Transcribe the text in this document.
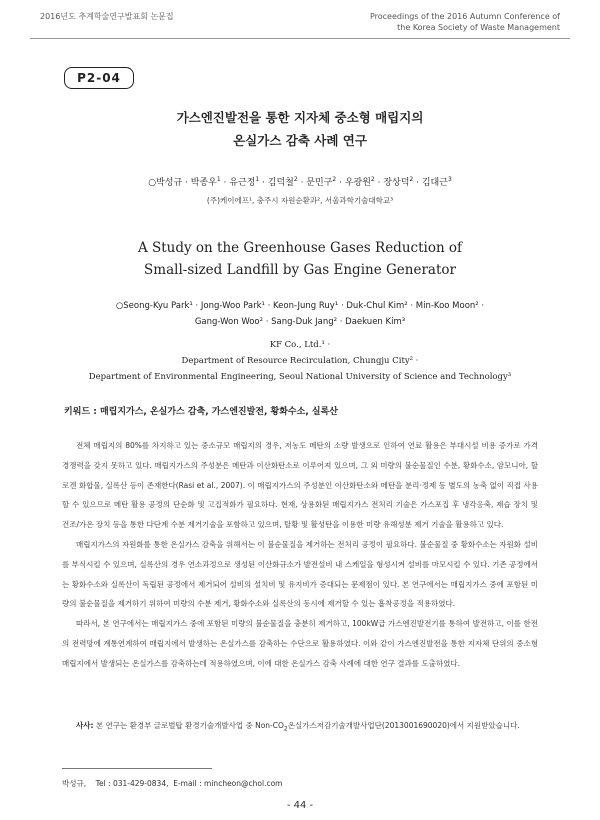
2016년도 추계학술연구발표회 논문집	Proceedings of the 2016 Autumn Conference of
the Korea Society of Waste Management
P2-04
가스엔진발전을 통한 지자체 중소형 매립지의
온실가스 감축 사례 연구
○박성규 · 박종우$^1$ · 유근정$^1$ · 김덕철$^2$ · 문민구$^2$ · 우광원$^2$ · 장상덕$^2$ · 김대근$^3$
(주)케이에프¹, 충주시 자원순환과², 서울과학기술대학교³
A Study on the Greenhouse Gases Reduction of
Small-sized Landfill by Gas Engine Generator
○Seong-Kyu Park¹ · Jong-Woo Park¹ · Keon-Jung Ruy¹ · Duk-Chul Kim² · Min-Koo Moon² ·
Gang-Won Woo² · Sang-Duk Jang² · Daekuen Kim³
KF Co., Ltd.¹ ·
Department of Resource Recirculation, Chungju City² ·
Department of Environmental Engineering, Seoul National University of Science and Technology³
키워드 : 매립지가스, 온실가스 감축, 가스엔진발전, 황화수소, 실록산

전체 매립지의 80%를 차지하고 있는 중소규모 매립지의 경우, 저농도 메탄의 소량 발생으로 인하여 연료 활용은 부대시설 비용 증가로 가격 경쟁력을 갖지 못하고 있다. 매립지가스의 주성분은 메탄과 이산화탄소로 이루어져 있으며, 그 외 미량의 불순물질인 수분, 황화수소, 암모니아, 할로겐 화합물, 실록산 등이 존재한다(Rasi et al., 2007). 이 매립지가스의 주성분인 이산화탄소와 메탄을 분리·정제 등 별도의 농축 없이 직접 사용할 수 있으므로 메탄 활용 공정의 단순화 및 고집적화가 필요하다. 현재, 상용화된 매립지가스 전처리 기술은 가스포집 후 냉각응축, 제습 장치 및 건조/가온 장치 등을 통한 다단계 수분 제거기술을 포함하고 있으며, 탈황 및 활성탄을 이용한 미량 유해성분 제거 기술을 활용하고 있다.

매립지가스의 자원화를 통한 온실가스 감축을 위해서는 이 불순물질을 제거하는 전처리 공정이 필요하다. 불순물질 중 황화수소는 자원화 설비를 부식시킬 수 있으며, 실록산의 경우 연소과정으로 생성된 이산화규소가 발전설비 내 스케일을 형성시켜 설비를 마모시킬 수 있다. 기존 공정에서는 황화수소와 실록산이 독립된 공정에서 제거되어 설비의 설치비 및 유지비가 증대되는 문제점이 있다. 본 연구에서는 매립지가스 중에 포함된 미량의 불순물질을 제거하기 위하여 미량의 수분 제거, 황화수소와 실록산의 동시에 제거할 수 있는 흡착공정을 적용하였다.

따라서, 본 연구에서는 매립지가스 중에 포함된 미량의 불순물질을 충분히 제거하고, 100kW급 가스엔진발전기를 통하여 발전하고, 이를 한전의 전력망에 계통연계하여 매립지에서 발생하는 온실가스를 감축하는 수단으로 활용하였다. 이와 같이 가스엔진발전을 통한 지자체 단위의 중소형 매립지에서 발생되는 온실가스를 감축하는데 적용하였으며, 이에 대한 온실가스 감축 사례에 대한 연구 결과를 도출하였다.

사사: 본 연구는 환경부 글로벌탑 환경기술개발사업 중 Non-$CO_2$온실가스저감기술개발사업단(2013001690020)에서 지원받았습니다.
박성규,    Tel : 031-429-0834,  E-mail : mincheon@chol.com
- 44 -
